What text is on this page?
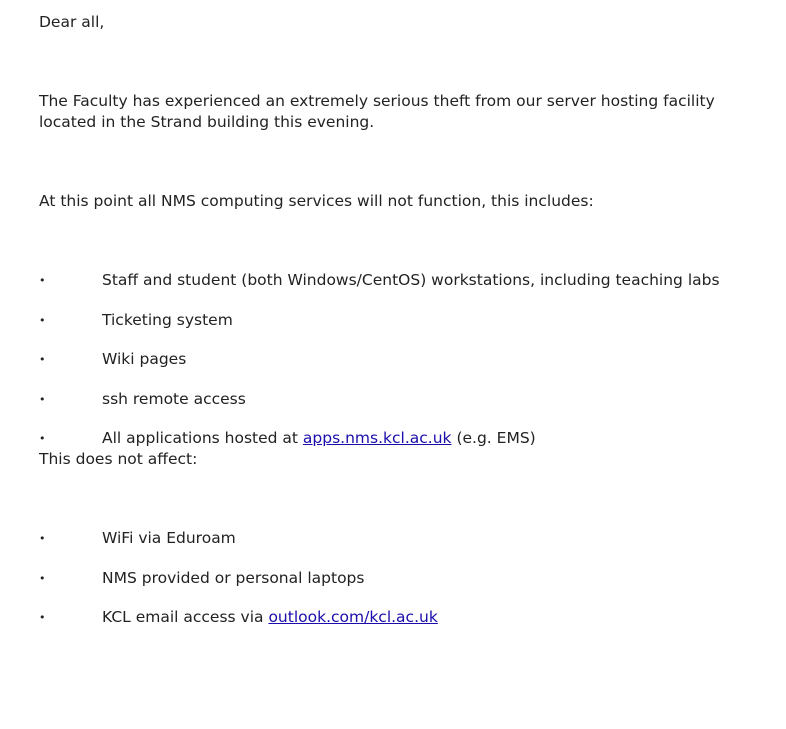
Dear all,

The Faculty has experienced an extremely serious theft from our server hosting facility located in the Strand building this evening.

At this point all NMS computing services will not function, this includes:

•	Staff and student (both Windows/CentOS) workstations, including teaching labs
•	Ticketing system
•	Wiki pages
•	ssh remote access
•	All applications hosted at apps.nms.kcl.ac.uk (e.g. EMS)

This does not affect:

•	WiFi via Eduroam
•	NMS provided or personal laptops
•	KCL email access via outlook.com/kcl.ac.uk
